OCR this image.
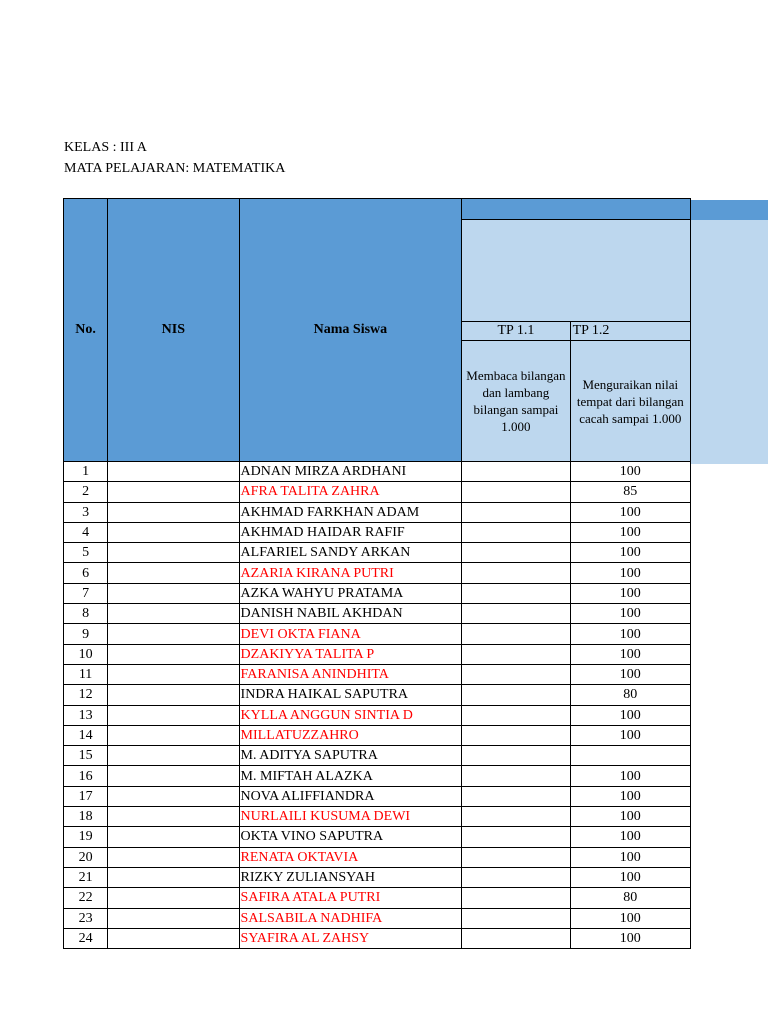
KELAS : III A
MATA PELAJARAN: MATEMATIKA
No.	NIS	Nama Siswa		

			TP 1.1	TP 1.2
			Membaca bilangan dan lambang bilangan sampai 1.000	Menguraikan nilai tempat dari bilangan cacah sampai 1.000
1		ADNAN MIRZA ARDHANI		100
2		AFRA TALITA ZAHRA		85
3		AKHMAD FARKHAN ADAM		100
4		AKHMAD HAIDAR RAFIF		100
5		ALFARIEL SANDY ARKAN		100
6		AZARIA KIRANA PUTRI		100
7		AZKA WAHYU PRATAMA		100
8		DANISH NABIL AKHDAN		100
9		DEVI OKTA FIANA		100
10		DZAKIYYA TALITA P		100
11		FARANISA ANINDHITA		100
12		INDRA HAIKAL SAPUTRA		80
13		KYLLA ANGGUN SINTIA D		100
14		MILLATUZZAHRO		100
15		M. ADITYA SAPUTRA		
16		M. MIFTAH ALAZKA		100
17		NOVA ALIFFIANDRA		100
18		NURLAILI KUSUMA DEWI		100
19		OKTA VINO SAPUTRA		100
20		RENATA OKTAVIA		100
21		RIZKY ZULIANSYAH		100
22		SAFIRA ATALA PUTRI		80
23		SALSABILA NADHIFA		100
24		SYAFIRA AL ZAHSY		100
